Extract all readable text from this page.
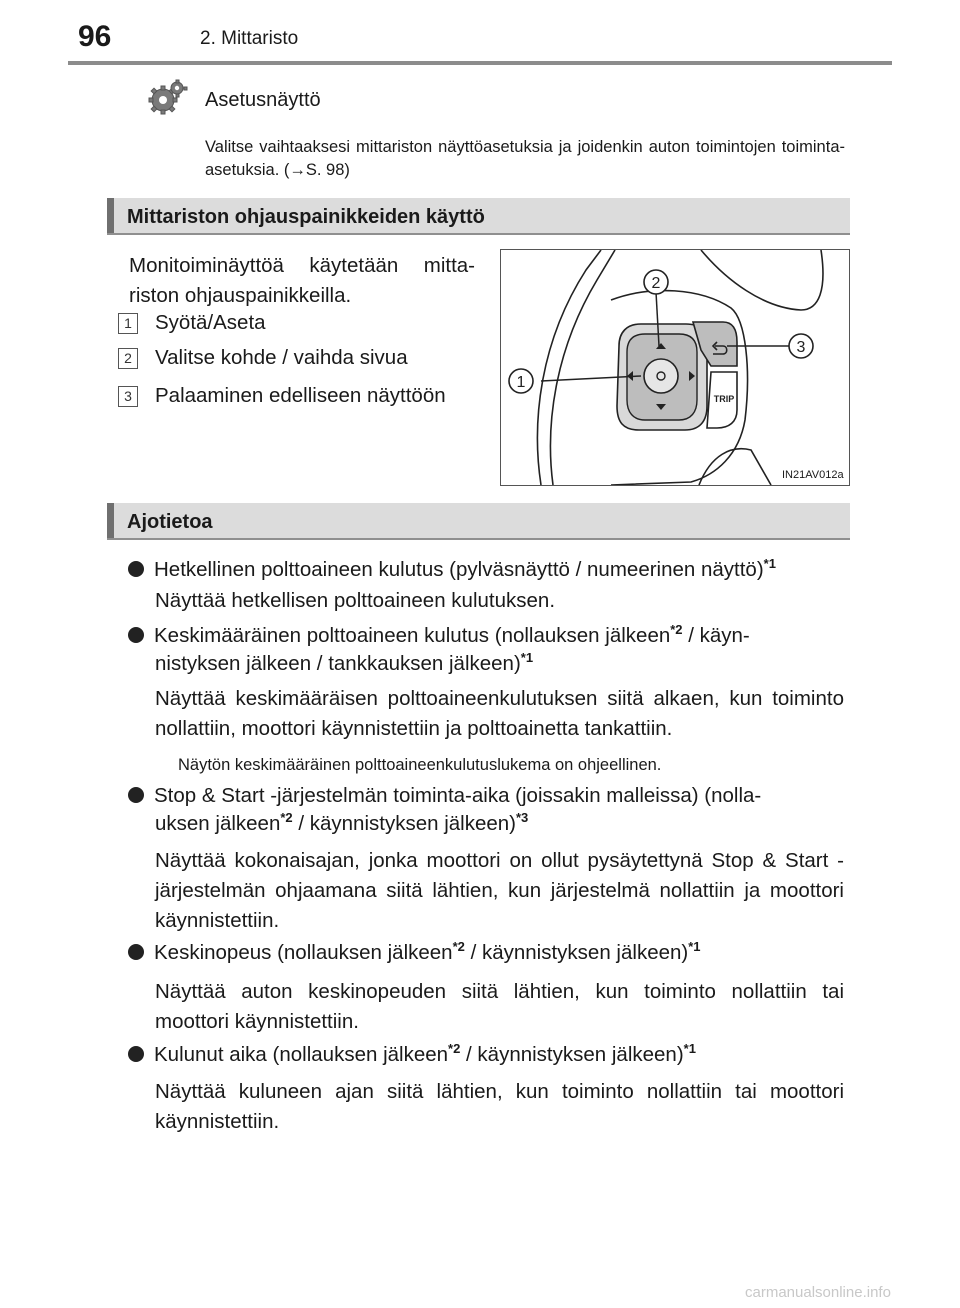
96	2. Mittaristo
Asetusnäyttö
Valitse vaihtaaksesi mittariston näyttöasetuksia ja joidenkin auton toimintojen toiminta-asetuksia. (→S. 98)
Mittariston ohjauspainikkeiden käyttö
Monitoiminäyttöä käytetään mitta-riston ohjauspainikkeilla.
1 Syötä/Aseta
2 Valitse kohde / vaihda sivua
3 Palaaminen edelliseen näyttöön
1
2
3
TRIP
IN21AV012a
Ajotietoa
Hetkellinen polttoaineen kulutus (pylväsnäyttö / numeerinen näyttö)$^{*1}$
Näyttää hetkellisen polttoaineen kulutuksen.
Keskimääräinen polttoaineen kulutus (nollauksen jälkeen$^{*2}$ / käyn-
nistyksen jälkeen / tankkauksen jälkeen)$^{*1}$
Näyttää keskimääräisen polttoaineenkulutuksen siitä alkaen, kun toiminto nollattiin, moottori käynnistettiin ja polttoainetta tankattiin.
Näytön keskimääräinen polttoaineenkulutuslukema on ohjeellinen.
Stop & Start -järjestelmän toiminta-aika (joissakin malleissa) (nolla-
uksen jälkeen$^{*2}$ / käynnistyksen jälkeen)$^{*3}$
Näyttää kokonaisajan, jonka moottori on ollut pysäytettynä Stop & Start -järjestelmän ohjaamana siitä lähtien, kun järjestelmä nollattiin ja moottori käynnistettiin.
Keskinopeus (nollauksen jälkeen$^{*2}$ / käynnistyksen jälkeen)$^{*1}$
Näyttää auton keskinopeuden siitä lähtien, kun toiminto nollattiin tai moottori käynnistettiin.
Kulunut aika (nollauksen jälkeen$^{*2}$ / käynnistyksen jälkeen)$^{*1}$
Näyttää kuluneen ajan siitä lähtien, kun toiminto nollattiin tai moottori käynnistettiin.
carmanualsonline.info
